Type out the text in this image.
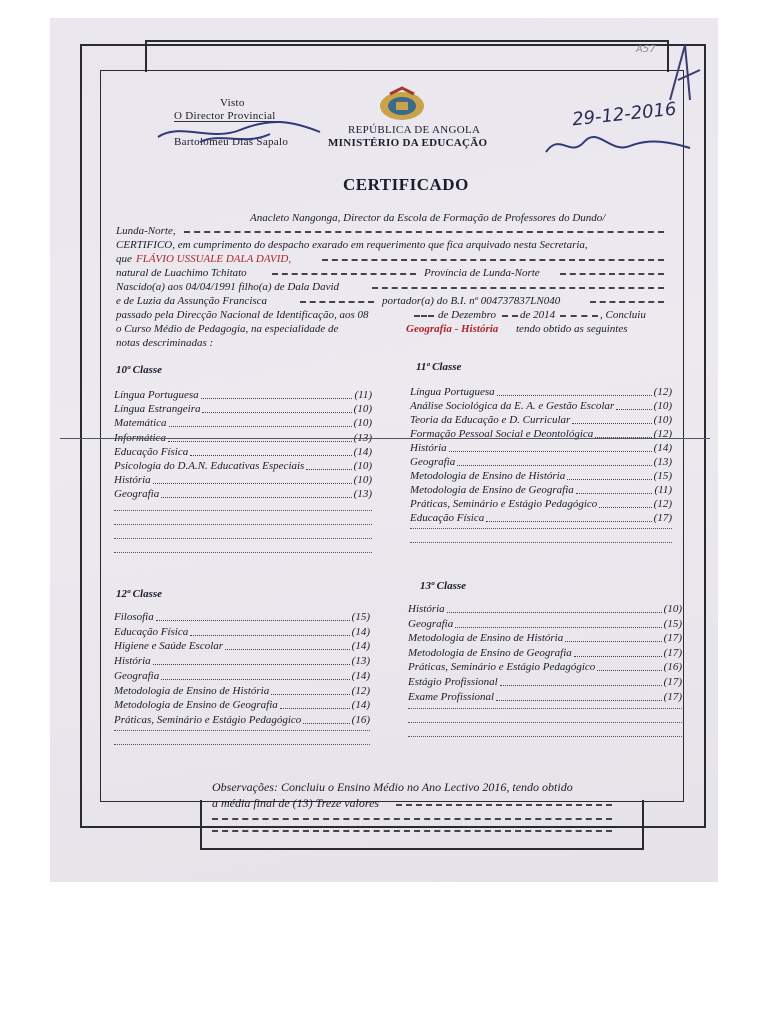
A57
Visto
O Director Provincial
Bartolomeu Dias Sapalo
REPÚBLICA DE ANGOLA
MINISTÉRIO DA EDUCAÇÃO
29-12-2016
CERTIFICADO
Anacleto Nangonga, Director da Escola de Formação de Professores do Dundo/
Lunda-Norte,
CERTIFICO, em cumprimento do despacho exarado em requerimento que fica arquivado nesta Secretaria,
que FLÁVIO USSUALE DALA DAVID,
natural de Luachimo Tchitato	Província de Lunda-Norte
Nascido(a) aos 04/04/1991 filho(a) de Dala David
e de Luzia da Assunção Francisca	portador(a) do B.I. nº 004737837LN040
passado pela Direcção Nacional de Identificação, aos 08	de Dezembro de 2014	, Concluiu
o Curso Médio de Pedagogia, na especialidade de	Geografia - História tendo obtido as seguintes
notas descriminadas :
10ª Classe
Língua Portuguesa	(11)
Língua Estrangeira	(10)
Matemática	(10)
Informática	(13)
Educação Física	(14)
Psicologia do D.A.N. Educativas Especiais	(10)
História	(10)
Geografia	(13)
11ª Classe
Língua Portuguesa	(12)
Análise Sociológica da E. A. e Gestão Escolar	(10)
Teoria da Educação e D. Curricular	(10)
Formação Pessoal Social e Deontológica	(12)
História	(14)
Geografia	(13)
Metodologia de Ensino de História	(15)
Metodologia de Ensino de Geografia	(11)
Práticas, Seminário e Estágio Pedagógico	(12)
Educação Física	(17)
12ª Classe
Filosofia	(15)
Educação Física	(14)
Higiene e Saúde Escolar	(14)
História	(13)
Geografia	(14)
Metodologia de Ensino de História	(12)
Metodologia de Ensino de Geografia	(14)
Práticas, Seminário e Estágio Pedagógico	(16)
13ª Classe
História	(10)
Geografia	(15)
Metodologia de Ensino de História	(17)
Metodologia de Ensino de Geografia	(17)
Práticas, Seminário e Estágio Pedagógico	(16)
Estágio Profissional	(17)
Exame Profissional	(17)
Observações: Concluiu o Ensino Médio no Ano Lectivo 2016, tendo obtido
a média final de (13) Treze valores
